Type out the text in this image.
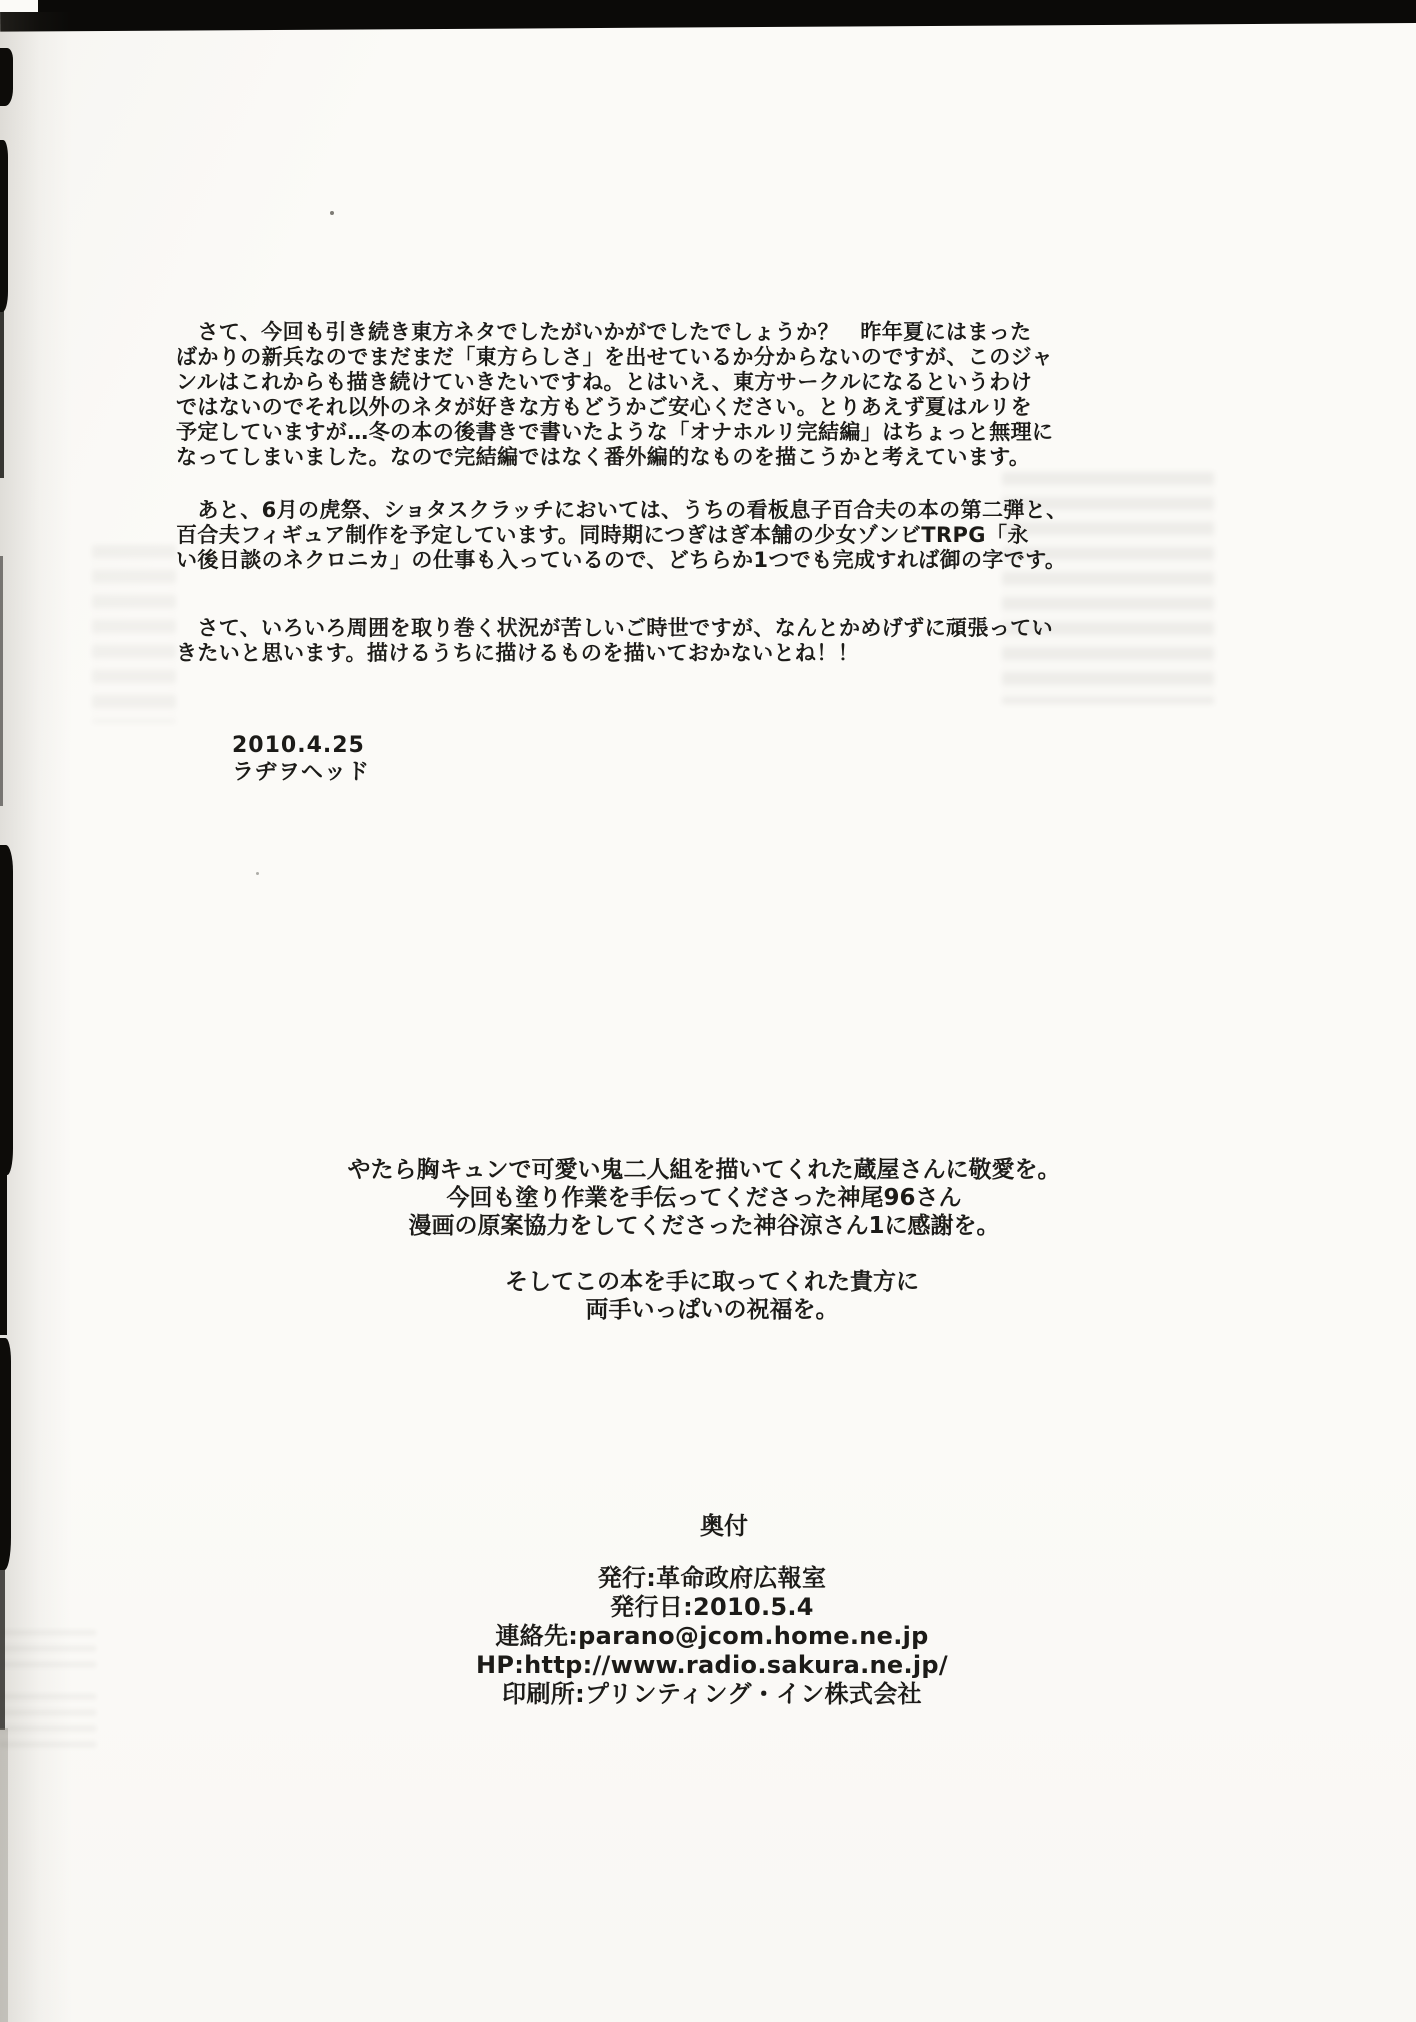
　さて、今回も引き続き東方ネタでしたがいかがでしたでしょうか？　昨年夏にはまった
ばかりの新兵なのでまだまだ「東方らしさ」を出せているか分からないのですが、このジャ
ンルはこれからも描き続けていきたいですね。とはいえ、東方サークルになるというわけ
ではないのでそれ以外のネタが好きな方もどうかご安心ください。とりあえず夏はルリを
予定していますが…冬の本の後書きで書いたような「オナホルリ完結編」はちょっと無理に
なってしまいました。なので完結編ではなく番外編的なものを描こうかと考えています。
　あと、6月の虎祭、ショタスクラッチにおいては、うちの看板息子百合夫の本の第二弾と、
百合夫フィギュア制作を予定しています。同時期につぎはぎ本舗の少女ゾンビTRPG「永
い後日談のネクロニカ」の仕事も入っているので、どちらか1つでも完成すれば御の字です。
　さて、いろいろ周囲を取り巻く状況が苦しいご時世ですが、なんとかめげずに頑張ってい
きたいと思います。描けるうちに描けるものを描いておかないとね！！
2010.4.25
ラヂヲヘッド
やたら胸キュンで可愛い鬼二人組を描いてくれた蔵屋さんに敬愛を。
今回も塗り作業を手伝ってくださった神尾96さん
漫画の原案協力をしてくださった神谷涼さん1に感謝を。
そしてこの本を手に取ってくれた貴方に
両手いっぱいの祝福を。
奥付
発行:革命政府広報室
発行日:2010.5.4
連絡先:parano@jcom.home.ne.jp
HP:http://www.radio.sakura.ne.jp/
印刷所:プリンティング・イン株式会社
